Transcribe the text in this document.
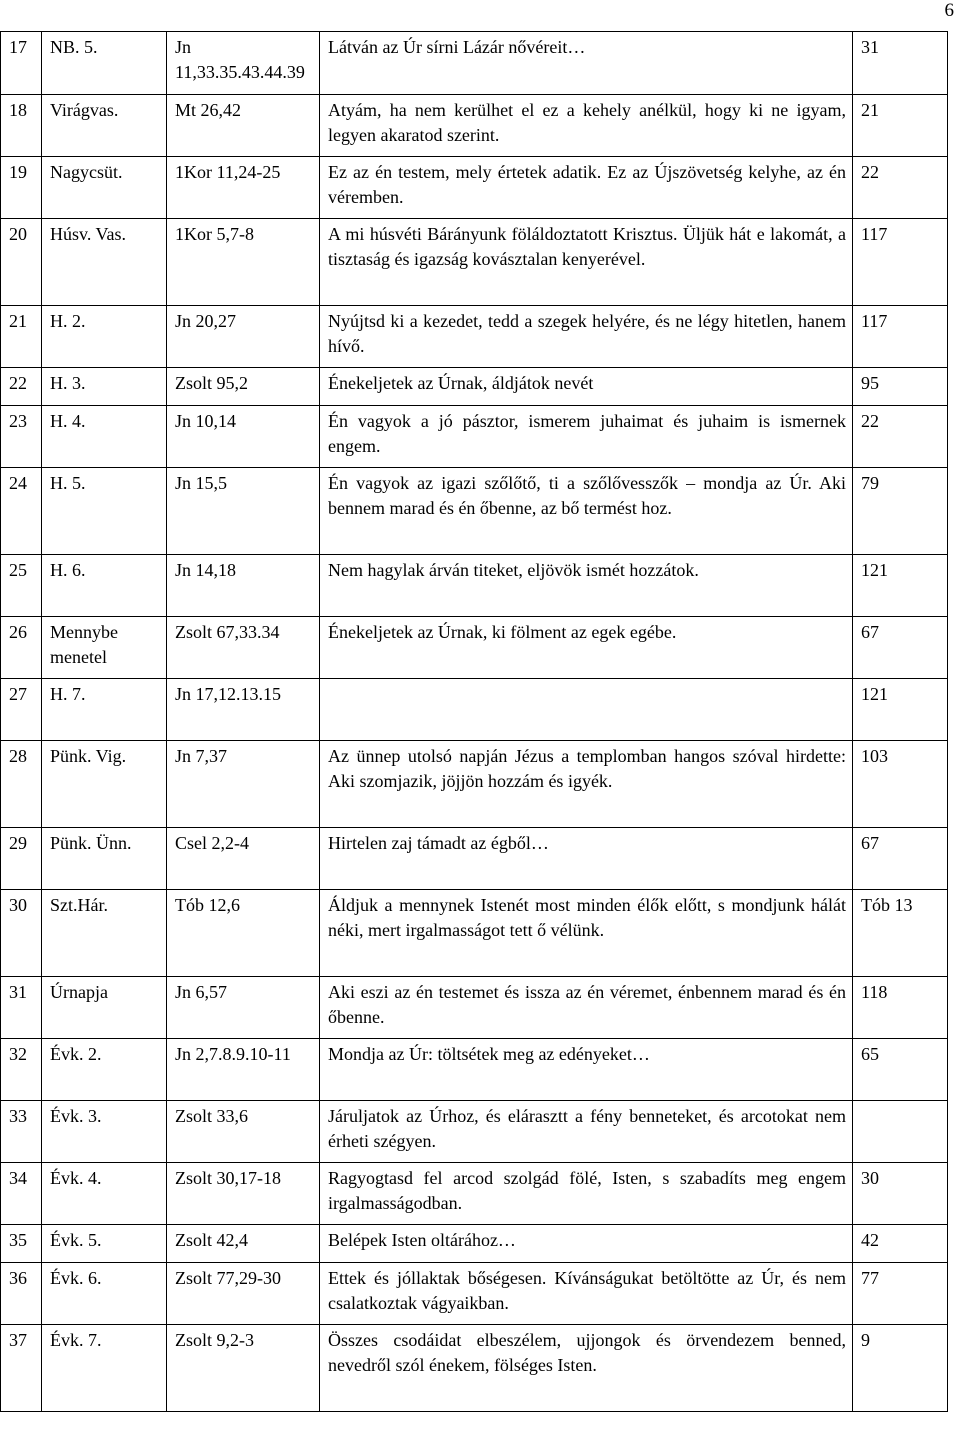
6
17	NB. 5.	Jn 11,33.35.43.44.39	Látván az Úr sírni Lázár nővéreit…	31
18	Virágvas.	Mt 26,42	Atyám, ha nem kerülhet el ez a kehely anélkül, hogy ki ne igyam, legyen akaratod szerint.	21
19	Nagycsüt.	1Kor 11,24-25	Ez az én testem, mely értetek adatik. Ez az Újszövetség kelyhe, az én véremben.	22
20	Húsv. Vas.	1Kor 5,7-8	A mi húsvéti Bárányunk föláldoztatott Krisztus. Üljük hát e lakomát, a tisztaság és igazság kovásztalan kenyerével.	117
21	H. 2.	Jn 20,27	Nyújtsd ki a kezedet, tedd a szegek helyére, és ne légy hitetlen, hanem hívő.	117
22	H. 3.	Zsolt 95,2	Énekeljetek az Úrnak, áldjátok nevét	95
23	H. 4.	Jn 10,14	Én vagyok a jó pásztor, ismerem juhaimat és juhaim is ismernek engem.	22
24	H. 5.	Jn 15,5	Én vagyok az igazi szőlőtő, ti a szőlővesszők – mondja az Úr. Aki bennem marad és én őbenne, az bő termést hoz.	79
25	H. 6.	Jn 14,18	Nem hagylak árván titeket, eljövök ismét hozzátok.	121
26	Mennybe menetel	Zsolt 67,33.34	Énekeljetek az Úrnak, ki fölment az egek egébe.	67
27	H. 7.	Jn 17,12.13.15		121
28	Pünk. Vig.	Jn 7,37	Az ünnep utolsó napján Jézus a templomban hangos szóval hirdette: Aki szomjazik, jöjjön hozzám és igyék.	103
29	Pünk. Ünn.	Csel 2,2-4	Hirtelen zaj támadt az égből…	67
30	Szt.Hár.	Tób 12,6	Áldjuk a mennynek Istenét most minden élők előtt, s mondjunk hálát néki, mert irgalmasságot tett ő vélünk.	Tób 13
31	Úrnapja	Jn 6,57	Aki eszi az én testemet és issza az én véremet, énbennem marad és én őbenne.	118
32	Évk. 2.	Jn 2,7.8.9.10-11	Mondja az Úr: töltsétek meg az edényeket…	65
33	Évk. 3.	Zsolt 33,6	Járuljatok az Úrhoz, és elárasztt a fény benneteket, és arcotokat nem érheti szégyen.	
34	Évk. 4.	Zsolt 30,17-18	Ragyogtasd fel arcod szolgád fölé, Isten, s szabadíts meg engem irgalmasságodban.	30
35	Évk. 5.	Zsolt 42,4	Belépek Isten oltárához…	42
36	Évk. 6.	Zsolt 77,29-30	Ettek és jóllaktak bőségesen. Kívánságukat betöltötte az Úr, és nem csalatkoztak vágyaikban.	77
37	Évk. 7.	Zsolt 9,2-3	Összes csodáidat elbeszélem, ujjongok és örvendezem benned, nevedről szól énekem, fölséges Isten.	9
